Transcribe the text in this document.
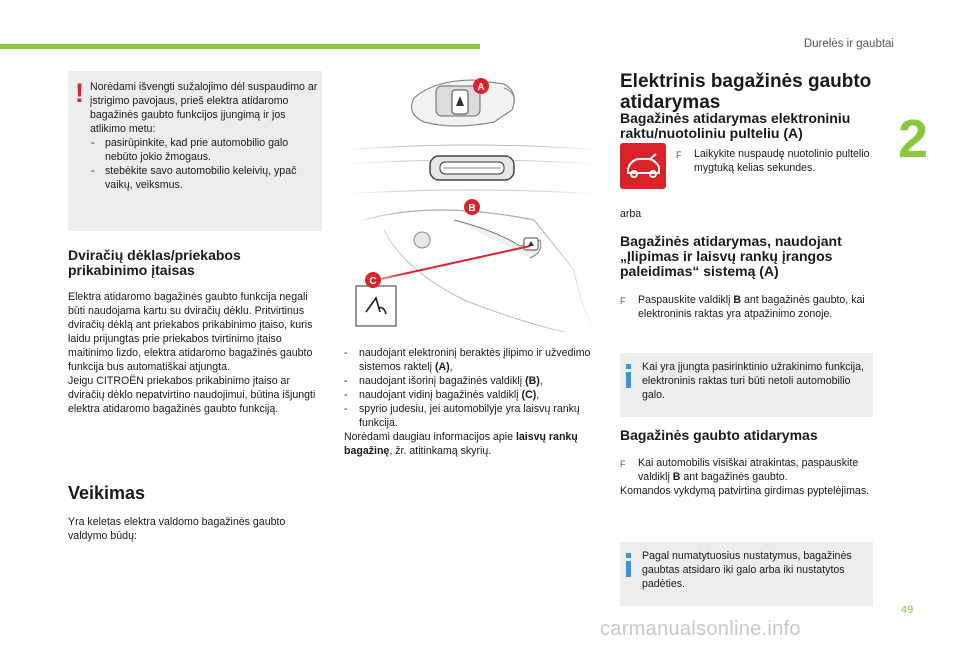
Durelės ir gaubtai
2
49
carmanualsonline.info
! Norėdami išvengti sužalojimo dėl suspaudimo ar įstrigimo pavojaus, prieš elektra atidaromo bagažinės gaubto funkcijos įjungimą ir jos atlikimo metu:
- pasirūpinkite, kad prie automobilio galo nebūto jokio žmogaus.
- stebėkite savo automobilio keleivių, ypač vaikų, veiksmus.
Dviračių dėklas/priekabos prikabinimo įtaisas
Elektra atidaromo bagažinės gaubto funkcija negali būti naudojama kartu su dviračių dėklu. Pritvirtinus dviračių dėklą ant priekabos prikabinimo įtaiso, kuris laidu prijungtas prie priekabos tvirtinimo įtaiso maitinimo lizdo, elektra atidaromo bagažinės gaubto funkcija bus automatiškai atjungta.
Jeigu CITROËN priekabos prikabinimo įtaiso ar dviračių dėklo nepatvirtino naudojimui, būtina išjungti elektra atidaromo bagažinės gaubto funkciją.
Veikimas
Yra keletas elektra valdomo bagažinės gaubto valdymo būdų:
A
B
C
- naudojant elektroninį beraktės įlipimo ir užvedimo sistemos raktelį (A),
- naudojant išorinį bagažinės valdiklį (B),
- naudojant vidinį bagažinės valdiklį (C),
- spyrio judesiu, jei automobilyje yra laisvų rankų funkcija.
Norėdami daugiau informacijos apie laisvų rankų bagažinę, žr. atitinkamą skyrių.
Elektrinis bagažinės gaubto atidarymas
Bagažinės atidarymas elektroniniu raktu/nuotoliniu pulteliu (A)
F Laikykite nuspaudę nuotolinio pultelio mygtuką kelias sekundes.
arba
Bagažinės atidarymas, naudojant „Įlipimas ir laisvų rankų įrangos paleidimas“ sistemą (A)
F Paspauskite valdiklį B ant bagažinės gaubto, kai elektroninis raktas yra atpažinimo zonoje.
Kai yra įjungta pasirinktinio užrakinimo funkcija, elektroninis raktas turi būti netoli automobilio galo.
Bagažinės gaubto atidarymas
F Kai automobilis visiškai atrakintas, paspauskite valdiklį B ant bagažinės gaubto.
Komandos vykdymą patvirtina girdimas pyptelėjimas.
Pagal numatytuosius nustatymus, bagažinės gaubtas atsidaro iki galo arba iki nustatytos padėties.
